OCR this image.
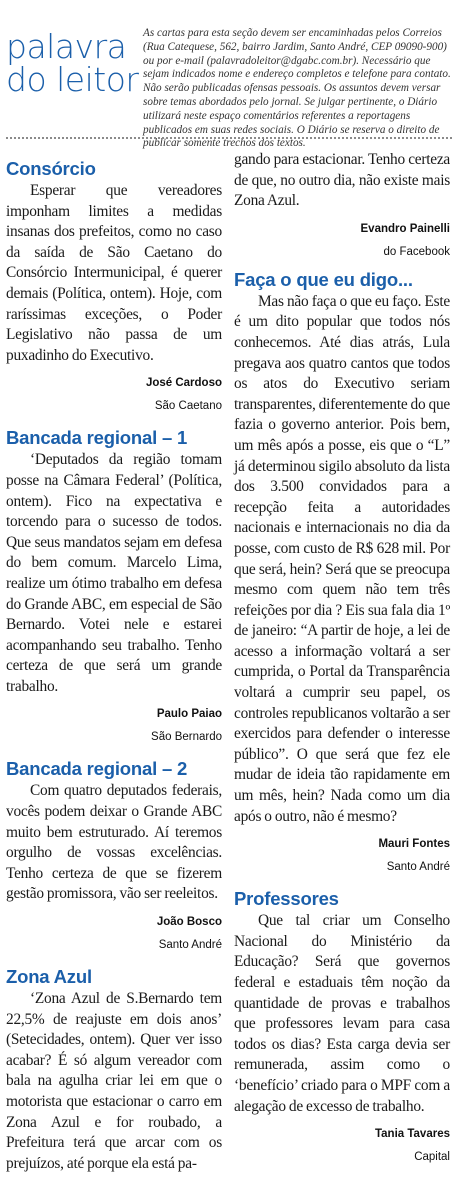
palavra
do leitor

As cartas para esta seção devem ser encaminhadas pelos Correios (Rua Catequese, 562, bairro Jardim, Santo André, CEP 09090-900) ou por e-mail (palavradoleitor@dgabc.com.br). Necessário que sejam indicados nome e endereço completos e telefone para contato. Não serão publicadas ofensas pessoais. Os assuntos devem versar sobre temas abordados pelo jornal. Se julgar pertinente, o Diário utilizará neste espaço comentários referentes a reportagens publicados em suas redes sociais. O Diário se reserva o direito de publicar somente trechos dos textos.

Consórcio

Esperar que vereadores imponham limites a medidas insanas dos prefeitos, como no caso da saída de São Caetano do Consórcio Intermunicipal, é querer demais (Política, ontem). Hoje, com raríssimas exceções, o Poder Legislativo não passa de um puxadinho do Executivo.

José Cardoso
São Caetano
Bancada regional – 1

‘Deputados da região tomam posse na Câmara Federal’ (Política, ontem). Fico na expectativa e torcendo para o sucesso de todos. Que seus mandatos sejam em defesa do bem comum. Marcelo Lima, realize um ótimo trabalho em defesa do Grande ABC, em especial de São Bernardo. Votei nele e estarei acompanhando seu trabalho. Tenho certeza de que será um grande trabalho.

Paulo Paiao
São Bernardo
Bancada regional – 2

Com quatro deputados federais, vocês podem deixar o Grande ABC muito bem estruturado. Aí teremos orgulho de vossas excelências. Tenho certeza de que se fizerem gestão promissora, vão ser reeleitos.

João Bosco
Santo André
Zona Azul

‘Zona Azul de S.Bernardo tem 22,5% de reajuste em dois anos’ (Setecidades, ontem). Quer ver isso acabar? É só algum vereador com bala na agulha criar lei em que o motorista que estacionar o carro em Zona Azul e for roubado, a Prefeitura terá que arcar com os prejuízos, até porque ela está pa-

gando para estacionar. Tenho certeza de que, no outro dia, não existe mais Zona Azul.

Evandro Painelli
do Facebook
Faça o que eu digo...

Mas não faça o que eu faço. Este é um dito popular que todos nós conhecemos. Até dias atrás, Lula pregava aos quatro cantos que todos os atos do Executivo seriam transparentes, diferentemente do que fazia o governo anterior. Pois bem, um mês após a posse, eis que o “L” já determinou sigilo absoluto da lista dos 3.500 convidados para a recepção feita a autoridades nacionais e internacionais no dia da posse, com custo de R$ 628 mil. Por que será, hein? Será que se preocupa mesmo com quem não tem três refeições por dia ? Eis sua fala dia 1º de janeiro: “A partir de hoje, a lei de acesso a informação voltará a ser cumprida, o Portal da Transparência voltará a cumprir seu papel, os controles republicanos voltarão a ser exercidos para defender o interesse público”. O que será que fez ele mudar de ideia tão rapidamente em um mês, hein? Nada como um dia após o outro, não é mesmo?

Mauri Fontes
Santo André
Professores

Que tal criar um Conselho Nacional do Ministério da Educação? Será que governos federal e estaduais têm noção da quantidade de provas e trabalhos que professores levam para casa todos os dias? Esta carga devia ser remunerada, assim como o ‘benefício’ criado para o MPF com a alegação de excesso de trabalho.

Tania Tavares
Capital
